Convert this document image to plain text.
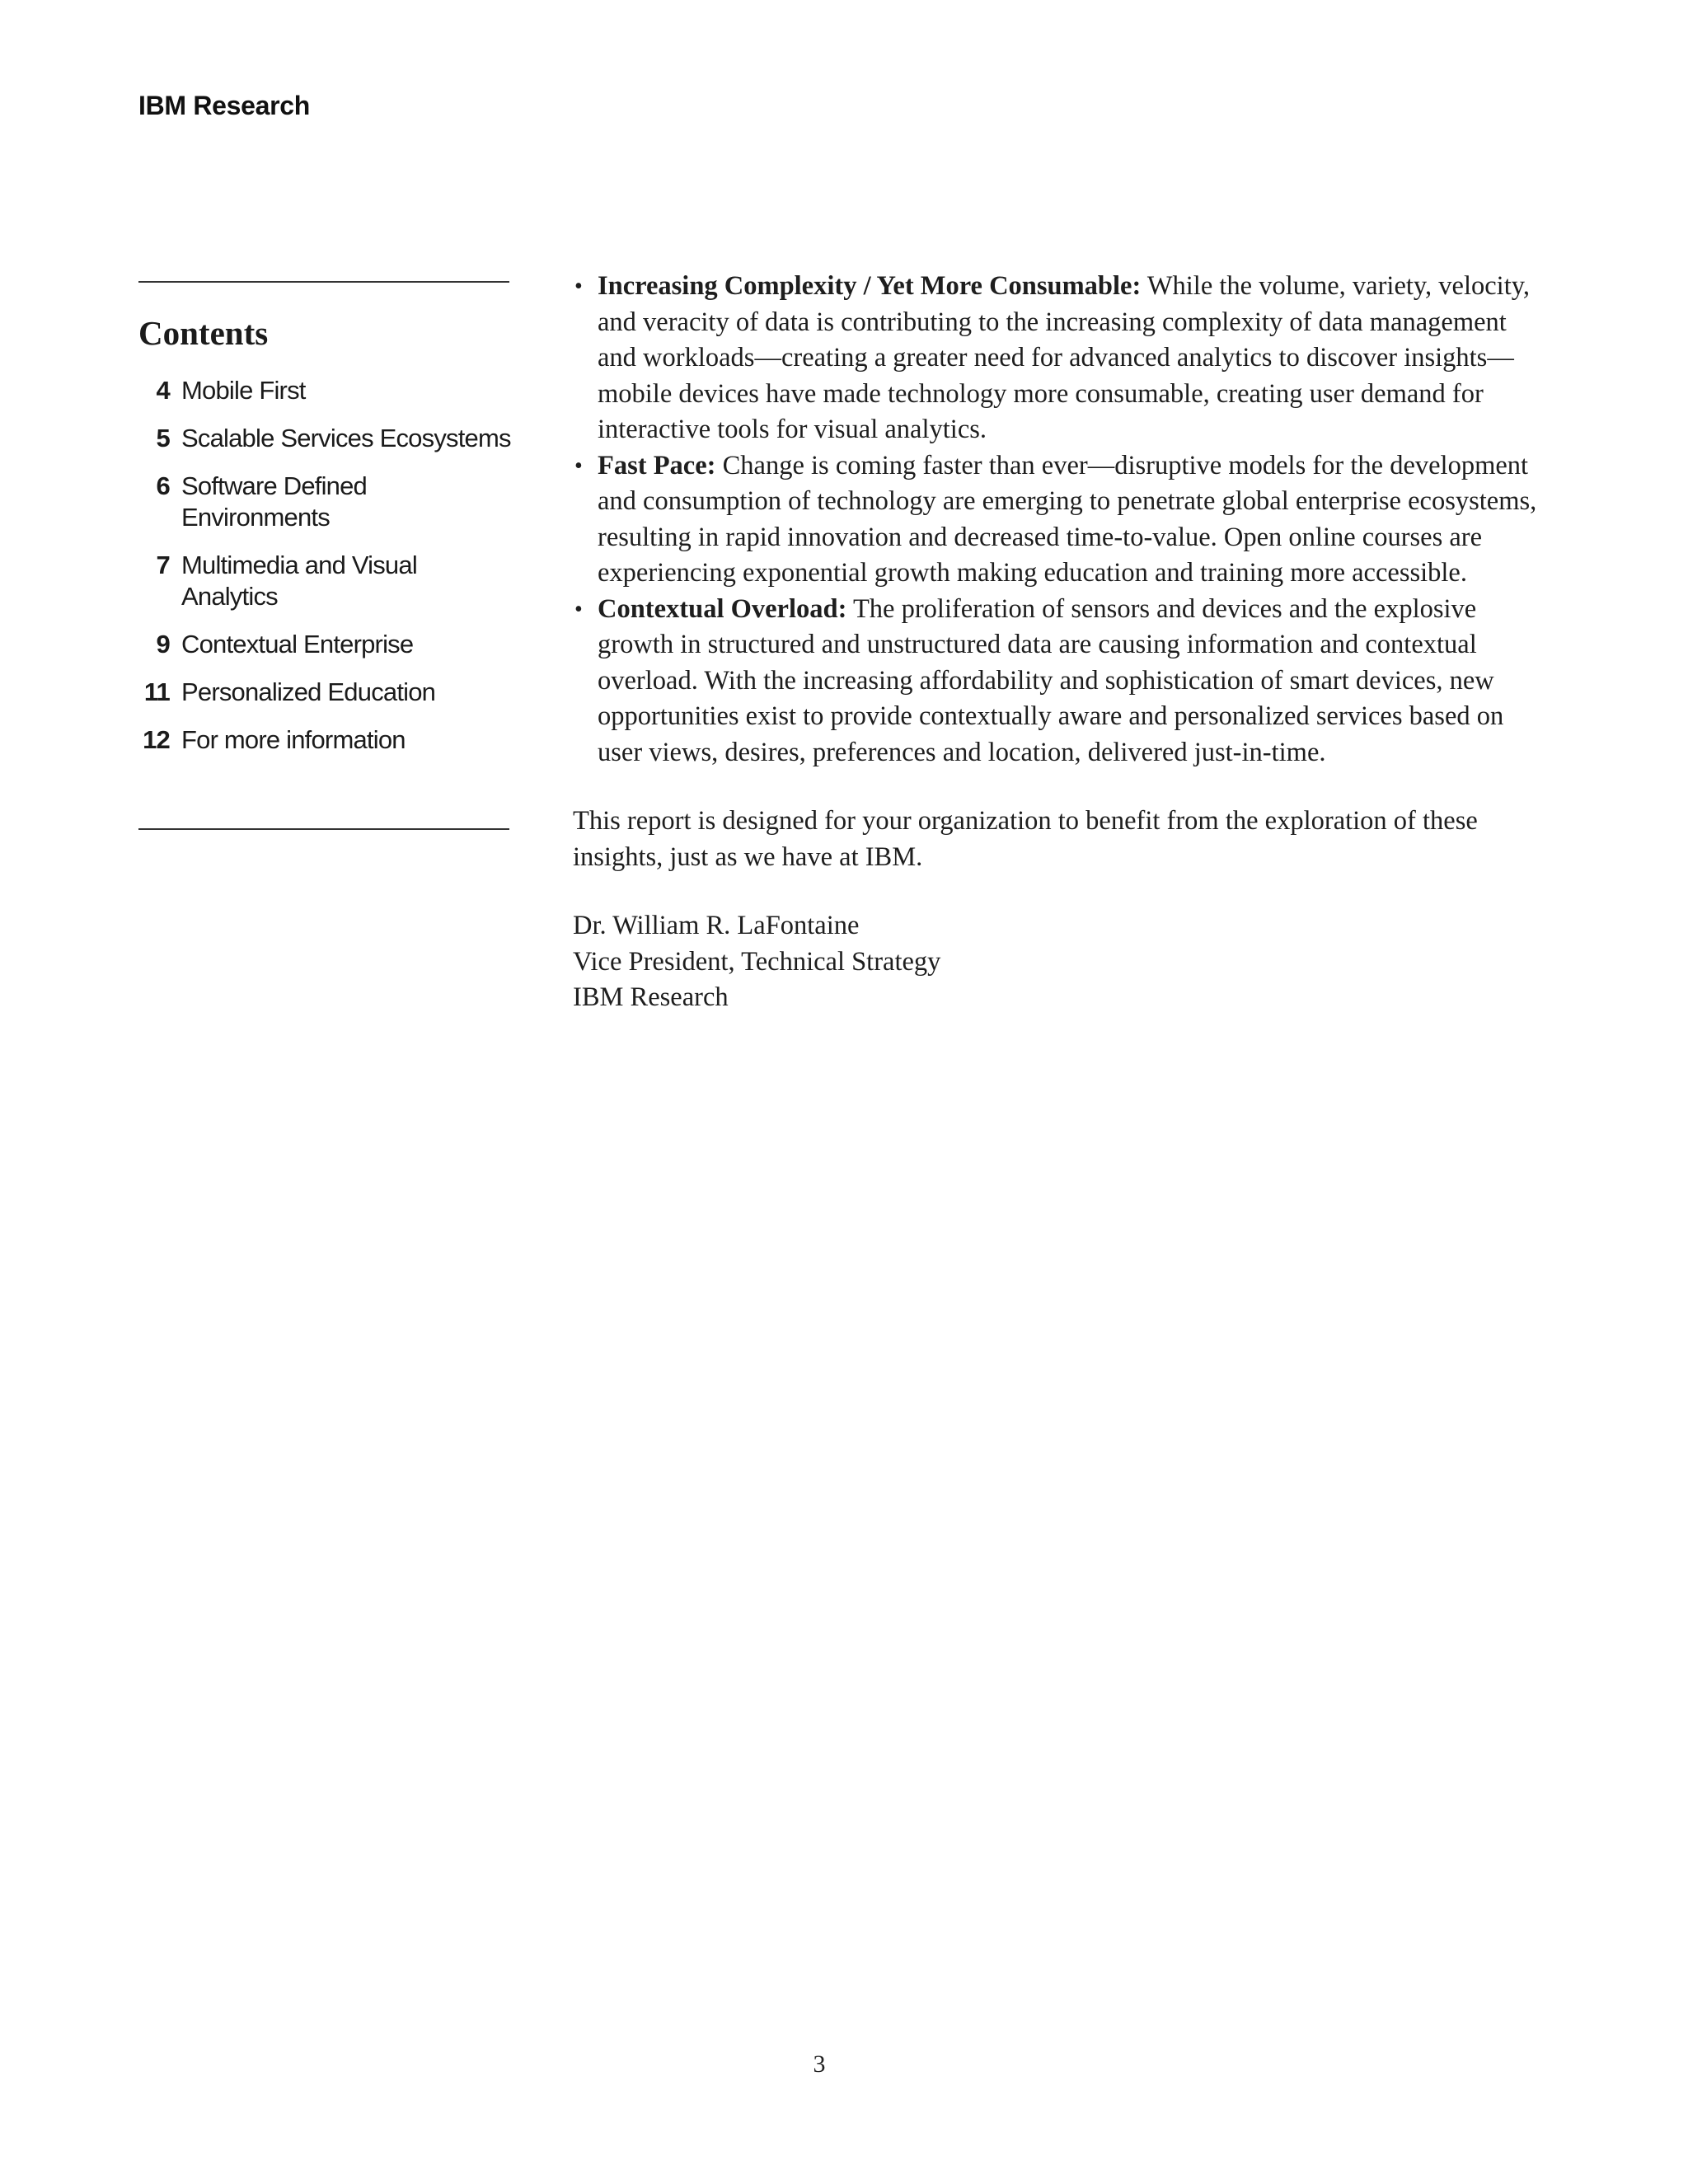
IBM Research
Contents
4 Mobile First
5 Scalable Services Ecosystems
6 Software Defined Environments
7 Multimedia and Visual Analytics
9 Contextual Enterprise
11 Personalized Education
12 For more information
• Increasing Complexity / Yet More Consumable: While the volume, variety, velocity, and veracity of data is contributing to the increasing complexity of data management and workloads—creating a greater need for advanced analytics to discover insights—mobile devices have made technology more consumable, creating user demand for interactive tools for visual analytics.
• Fast Pace: Change is coming faster than ever—disruptive models for the development and consumption of technology are emerging to penetrate global enterprise ecosystems, resulting in rapid innovation and decreased time-to-value. Open online courses are experiencing exponential growth making education and training more accessible.
• Contextual Overload: The proliferation of sensors and devices and the explosive growth in structured and unstructured data are causing information and contextual overload. With the increasing affordability and sophistication of smart devices, new opportunities exist to provide contextually aware and personalized services based on user views, desires, preferences and location, delivered just-in-time.

This report is designed for your organization to benefit from the exploration of these insights, just as we have at IBM.

Dr. William R. LaFontaine
Vice President, Technical Strategy
IBM Research
3
